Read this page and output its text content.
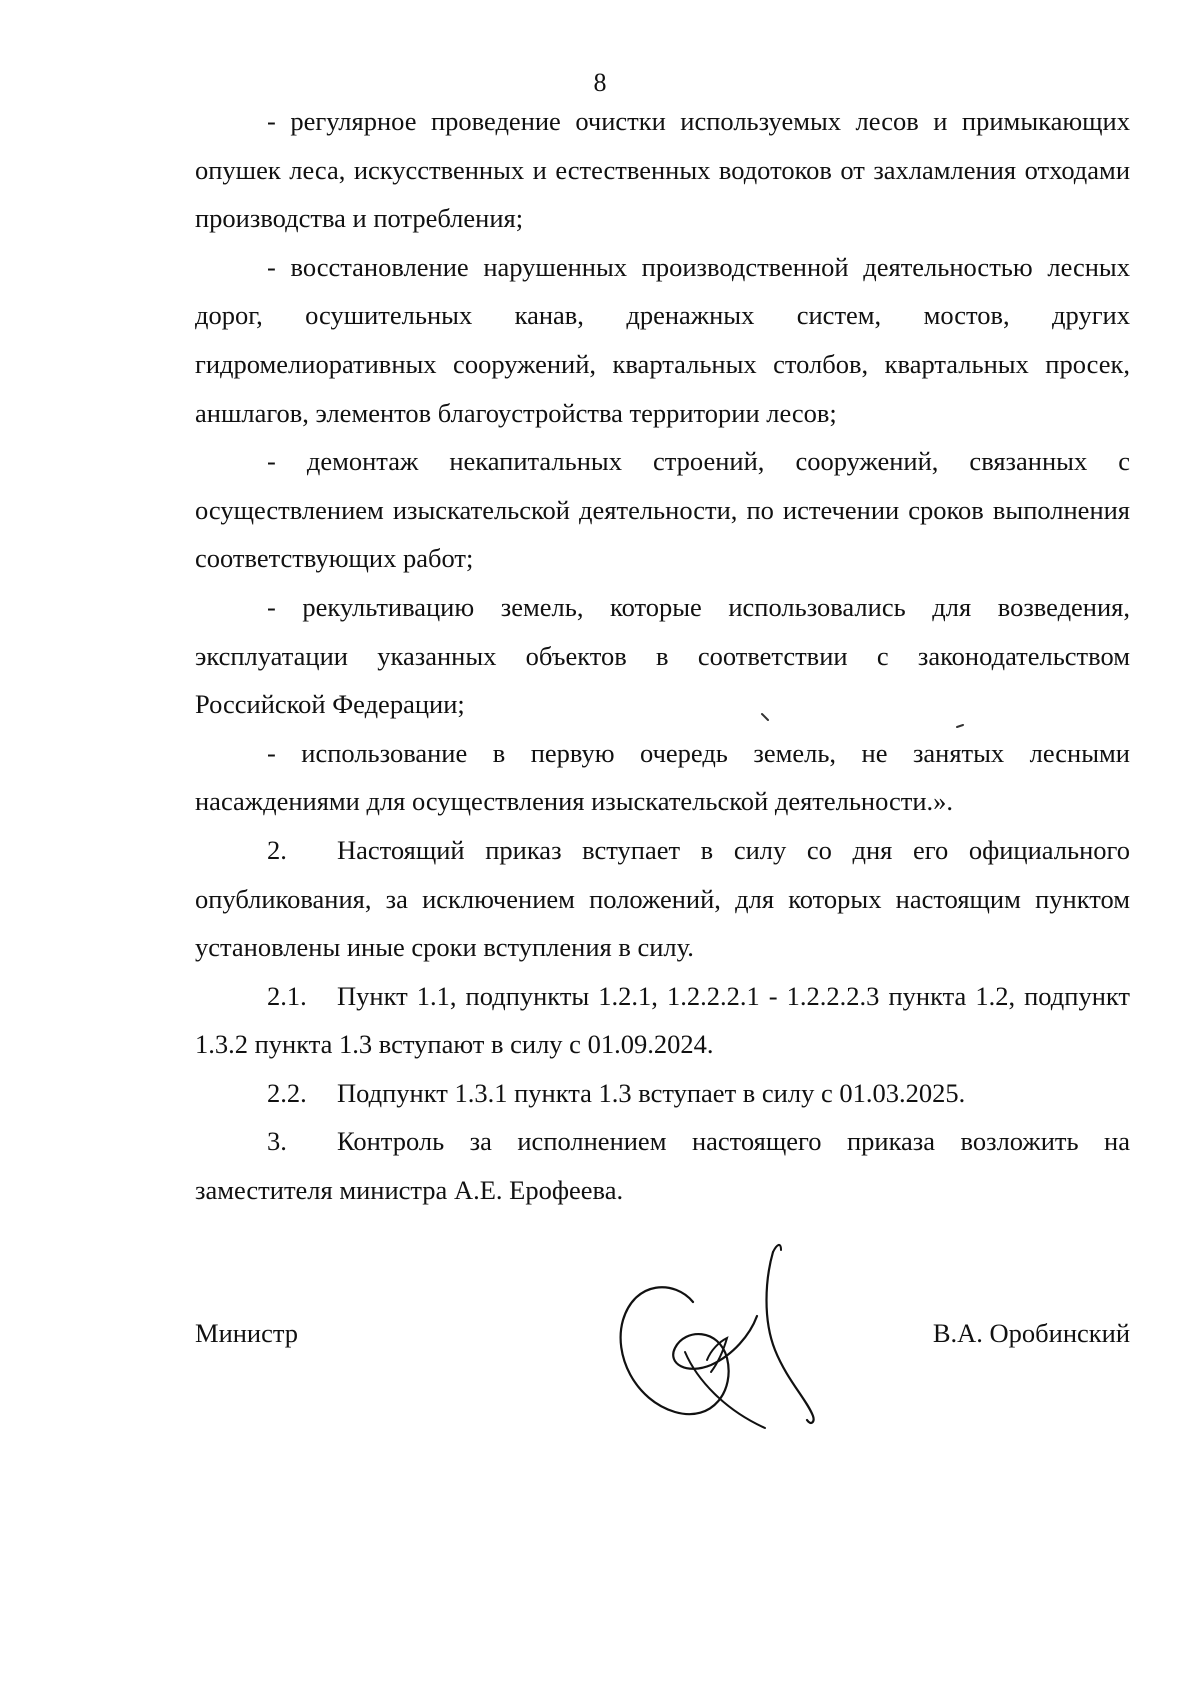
8

- регулярное проведение очистки используемых лесов и примыкающих опушек леса, искусственных и естественных водотоков от захламления отходами производства и потребления;

- восстановление нарушенных производственной деятельностью лесных дорог, осушительных канав, дренажных систем, мостов, других гидромелиоративных сооружений, квартальных столбов, квартальных просек, аншлагов, элементов благоустройства территории лесов;

- демонтаж некапитальных строений, сооружений, связанных с осуществлением изыскательской деятельности, по истечении сроков выполнения соответствующих работ;

- рекультивацию земель, которые использовались для возведения, эксплуатации указанных объектов в соответствии с законодательством Российской Федерации;

- использование в первую очередь земель, не занятых лесными насаждениями для осуществления изыскательской деятельности.».

2. Настоящий приказ вступает в силу со дня его официального опубликования, за исключением положений, для которых настоящим пунктом установлены иные сроки вступления в силу.

2.1. Пункт 1.1, подпункты 1.2.1, 1.2.2.2.1 - 1.2.2.2.3 пункта 1.2, подпункт 1.3.2 пункта 1.3 вступают в силу с 01.09.2024.

2.2. Подпункт 1.3.1 пункта 1.3 вступает в силу с 01.03.2025.

3. Контроль за исполнением настоящего приказа возложить на заместителя министра А.Е. Ерофеева.

Министр	В.А. Оробинский
